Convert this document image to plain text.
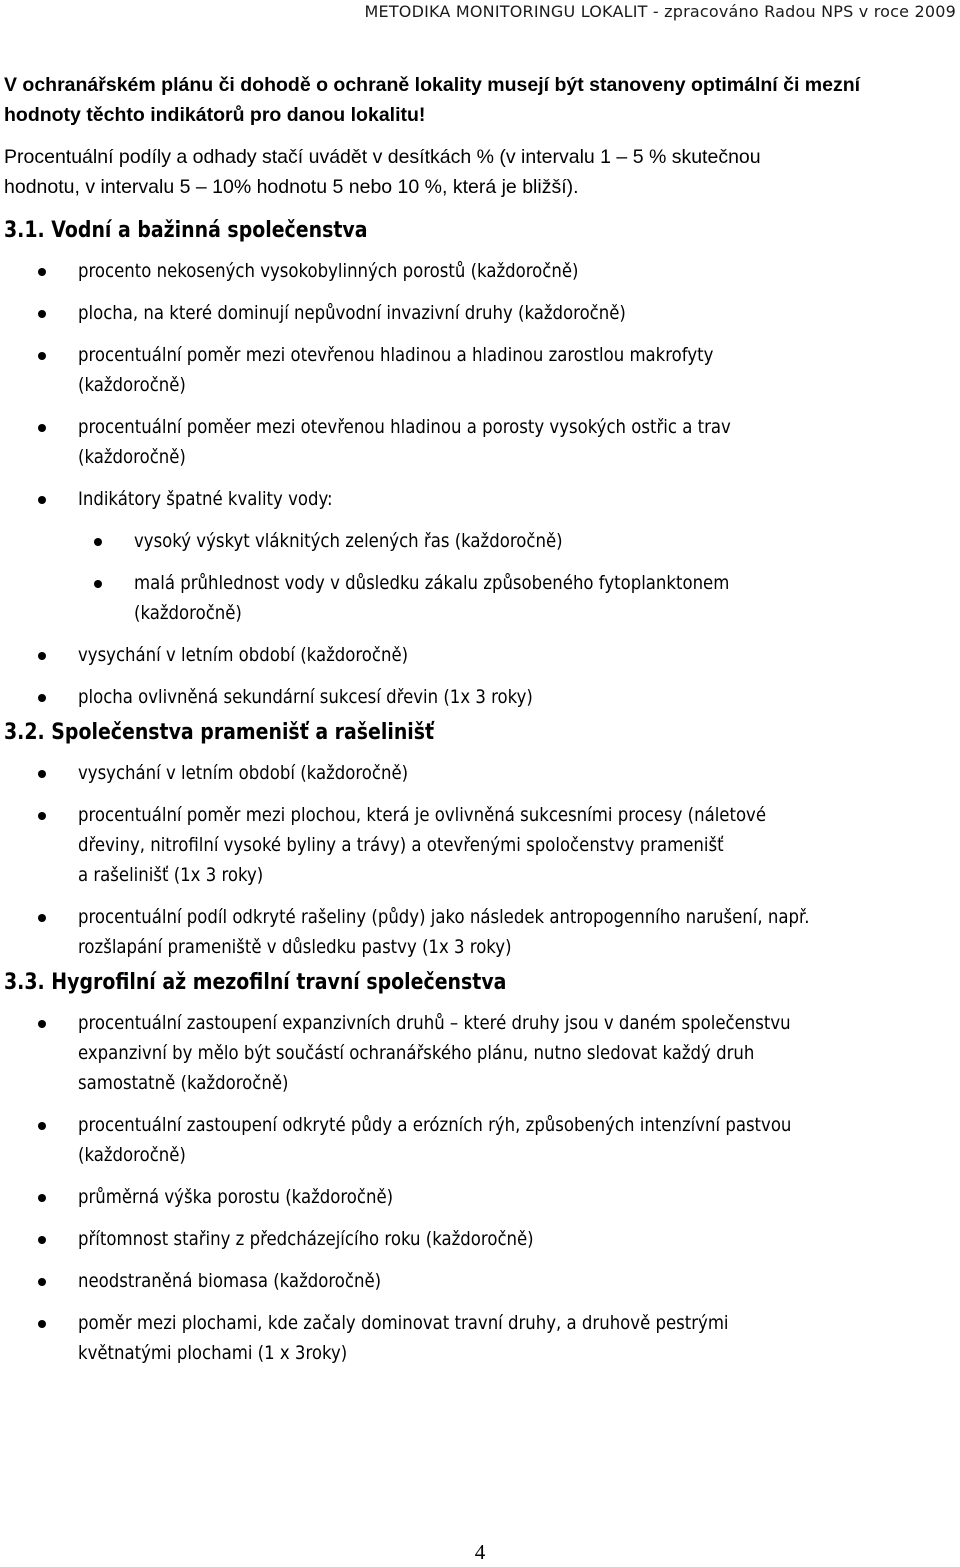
METODIKA MONITORINGU LOKALIT - zpracováno Radou NPS v roce 2009

V ochranářském plánu či dohodě o ochraně lokality musejí být stanoveny optimální či mezní
hodnoty těchto indikátorů pro danou lokalitu!

Procentuální podíly a odhady stačí uvádět v desítkách % (v intervalu 1 – 5 % skutečnou
hodnotu, v intervalu 5 – 10% hodnotu 5 nebo 10 %, která je bližší).

3.1. Vodní a bažinná společenstva
procento nekosených vysokobylinných porostů (každoročně)
plocha, na které dominují nepůvodní invazivní druhy (každoročně)
procentuální poměr mezi otevřenou hladinou a hladinou zarostlou makrofyty
(každoročně)
procentuální poměer mezi otevřenou hladinou a porosty vysokých ostřic a trav
(každoročně)
Indikátory špatné kvality vody:
vysoký výskyt vláknitých zelených řas (každoročně)
malá průhlednost vody v důsledku zákalu způsobeného fytoplanktonem
(každoročně)
vysychání v letním období (každoročně)
plocha ovlivněná sekundární sukcesí dřevin (1x 3 roky)
3.2. Společenstva pramenišť a rašelinišť
vysychání v letním období (každoročně)
procentuální poměr mezi plochou, která je ovlivněná sukcesními procesy (náletové
dřeviny, nitrofilní vysoké byliny a trávy) a otevřenými spoločenstvy pramenišť
a rašelinišť (1x 3 roky)
procentuální podíl odkryté rašeliny (půdy) jako následek antropogenního narušení, např.
rozšlapání prameniště v důsledku pastvy (1x 3 roky)
3.3. Hygrofilní až mezofilní travní společenstva
procentuální zastoupení expanzivních druhů – které druhy jsou v daném společenstvu
expanzivní by mělo být součástí ochranářského plánu, nutno sledovat každý druh
samostatně (každoročně)
procentuální zastoupení odkryté půdy a erózních rýh, způsobených intenzívní pastvou
(každoročně)
průměrná výška porostu (každoročně)
přítomnost stařiny z předcházejícího roku (každoročně)
neodstraněná biomasa (každoročně)
poměr mezi plochami, kde začaly dominovat travní druhy, a druhově pestrými
květnatými plochami (1 x 3roky)
4
